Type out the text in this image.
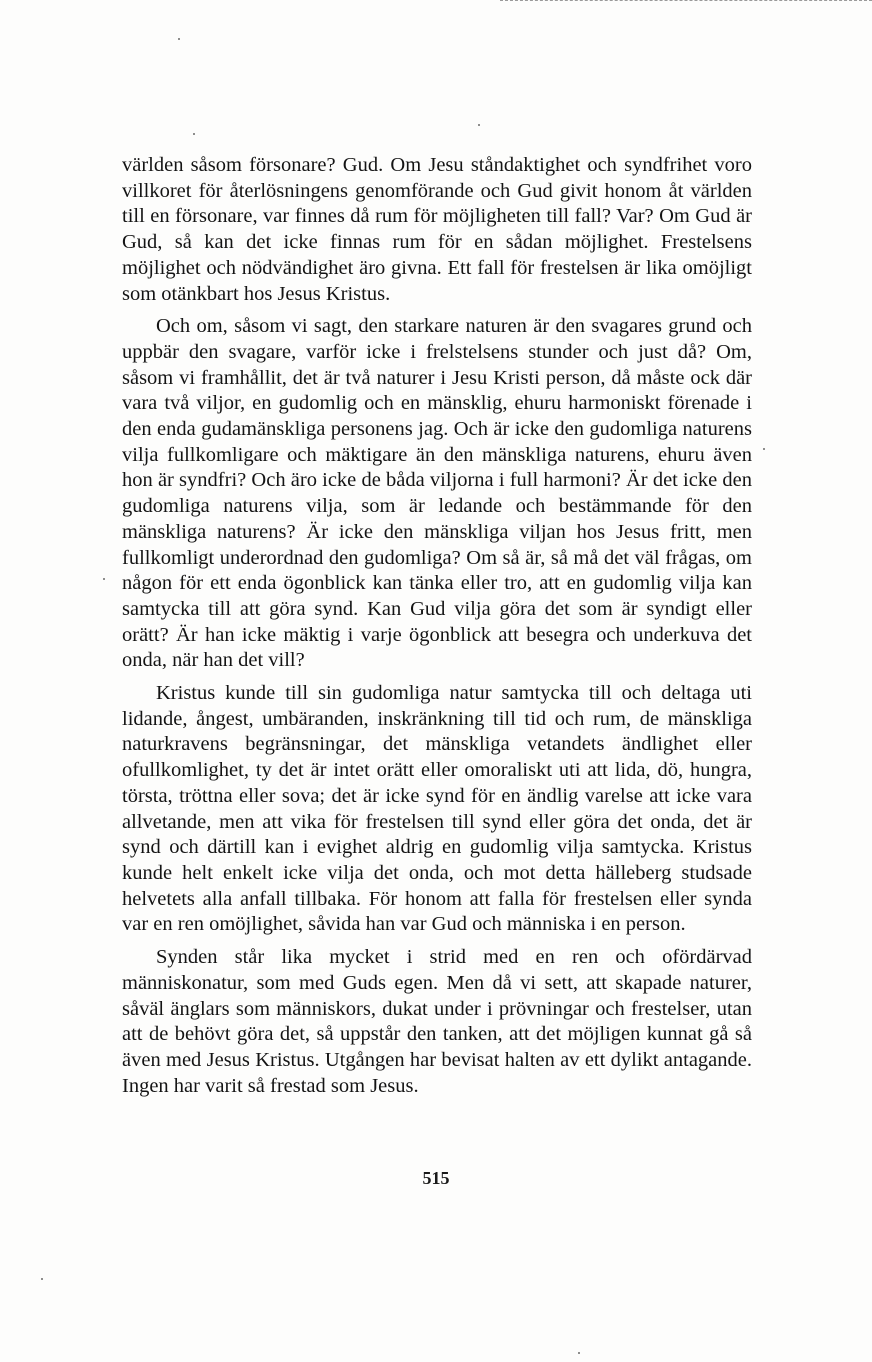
världen såsom försonare? Gud. Om Jesu ståndaktighet och syndfrihet voro villkoret för återlösningens genomförande och Gud givit honom åt världen till en försonare, var finnes då rum för möjligheten till fall? Var? Om Gud är Gud, så kan det icke finnas rum för en sådan möjlighet. Frestelsens möjlighet och nödvändighet äro givna. Ett fall för frestelsen är lika omöjligt som otänkbart hos Jesus Kristus.

Och om, såsom vi sagt, den starkare naturen är den svagares grund och uppbär den svagare, varför icke i frelstelsens stunder och just då? Om, såsom vi framhållit, det är två naturer i Jesu Kristi person, då måste ock där vara två viljor, en gudomlig och en mänsklig, ehuru harmoniskt förenade i den enda gudamänskliga personens jag. Och är icke den gudomliga naturens vilja fullkomligare och mäktigare än den mänskliga naturens, ehuru även hon är syndfri? Och äro icke de båda viljorna i full harmoni? Är det icke den gudomliga naturens vilja, som är ledande och bestämmande för den mänskliga naturens? Är icke den mänskliga viljan hos Jesus fritt, men fullkomligt underordnad den gudomliga? Om så är, så må det väl frågas, om någon för ett enda ögonblick kan tänka eller tro, att en gudomlig vilja kan samtycka till att göra synd. Kan Gud vilja göra det som är syndigt eller orätt? Är han icke mäktig i varje ögonblick att besegra och underkuva det onda, när han det vill?

Kristus kunde till sin gudomliga natur samtycka till och deltaga uti lidande, ångest, umbäranden, inskränkning till tid och rum, de mänskliga naturkravens begränsningar, det mänskliga vetandets ändlighet eller ofullkomlighet, ty det är intet orätt eller omoraliskt uti att lida, dö, hungra, törsta, tröttna eller sova; det är icke synd för en ändlig varelse att icke vara allvetande, men att vika för frestelsen till synd eller göra det onda, det är synd och därtill kan i evighet aldrig en gudomlig vilja samtycka. Kristus kunde helt enkelt icke vilja det onda, och mot detta hälleberg studsade helvetets alla anfall tillbaka. För honom att falla för frestelsen eller synda var en ren omöjlighet, såvida han var Gud och människa i en person.

Synden står lika mycket i strid med en ren och ofördärvad människonatur, som med Guds egen. Men då vi sett, att skapade naturer, såväl änglars som människors, dukat under i prövningar och frestelser, utan att de behövt göra det, så uppstår den tanken, att det möjligen kunnat gå så även med Jesus Kristus. Utgången har bevisat halten av ett dylikt antagande. Ingen har varit så frestad som Jesus.

515
